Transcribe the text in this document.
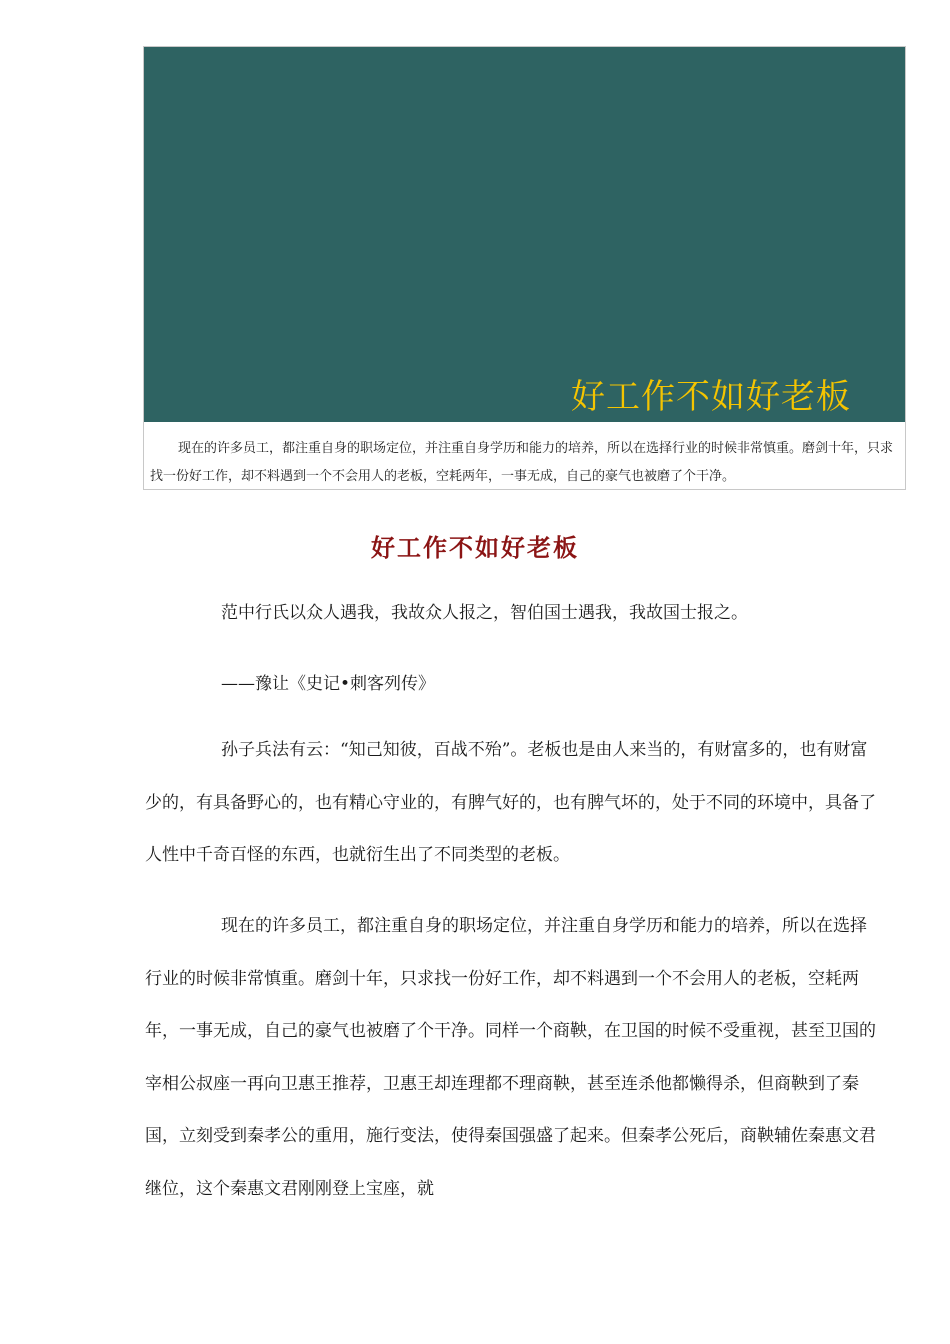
好工作不如好老板
现在的许多员工，都注重自身的职场定位，并注重自身学历和能力的培养，所以在选择行业的时候非常慎重。磨剑十年，只求找一份好工作，却不料遇到一个不会用人的老板，空耗两年，一事无成，自己的豪气也被磨了个干净。
好工作不如好老板
范中行氏以众人遇我，我故众人报之，智伯国士遇我，我故国士报之。
——豫让《史记•刺客列传》
孙子兵法有云：“知己知彼，百战不殆”。老板也是由人来当的，有财富多的，也有财富少的，有具备野心的，也有精心守业的，有脾气好的，也有脾气坏的，处于不同的环境中，具备了人性中千奇百怪的东西，也就衍生出了不同类型的老板。
现在的许多员工，都注重自身的职场定位，并注重自身学历和能力的培养，所以在选择行业的时候非常慎重。磨剑十年，只求找一份好工作，却不料遇到一个不会用人的老板，空耗两年，一事无成，自己的豪气也被磨了个干净。同样一个商鞅，在卫国的时候不受重视，甚至卫国的宰相公叔座一再向卫惠王推荐，卫惠王却连理都不理商鞅，甚至连杀他都懒得杀，但商鞅到了秦国，立刻受到秦孝公的重用，施行变法，使得秦国强盛了起来。但秦孝公死后，商鞅辅佐秦惠文君继位，这个秦惠文君刚刚登上宝座，就
